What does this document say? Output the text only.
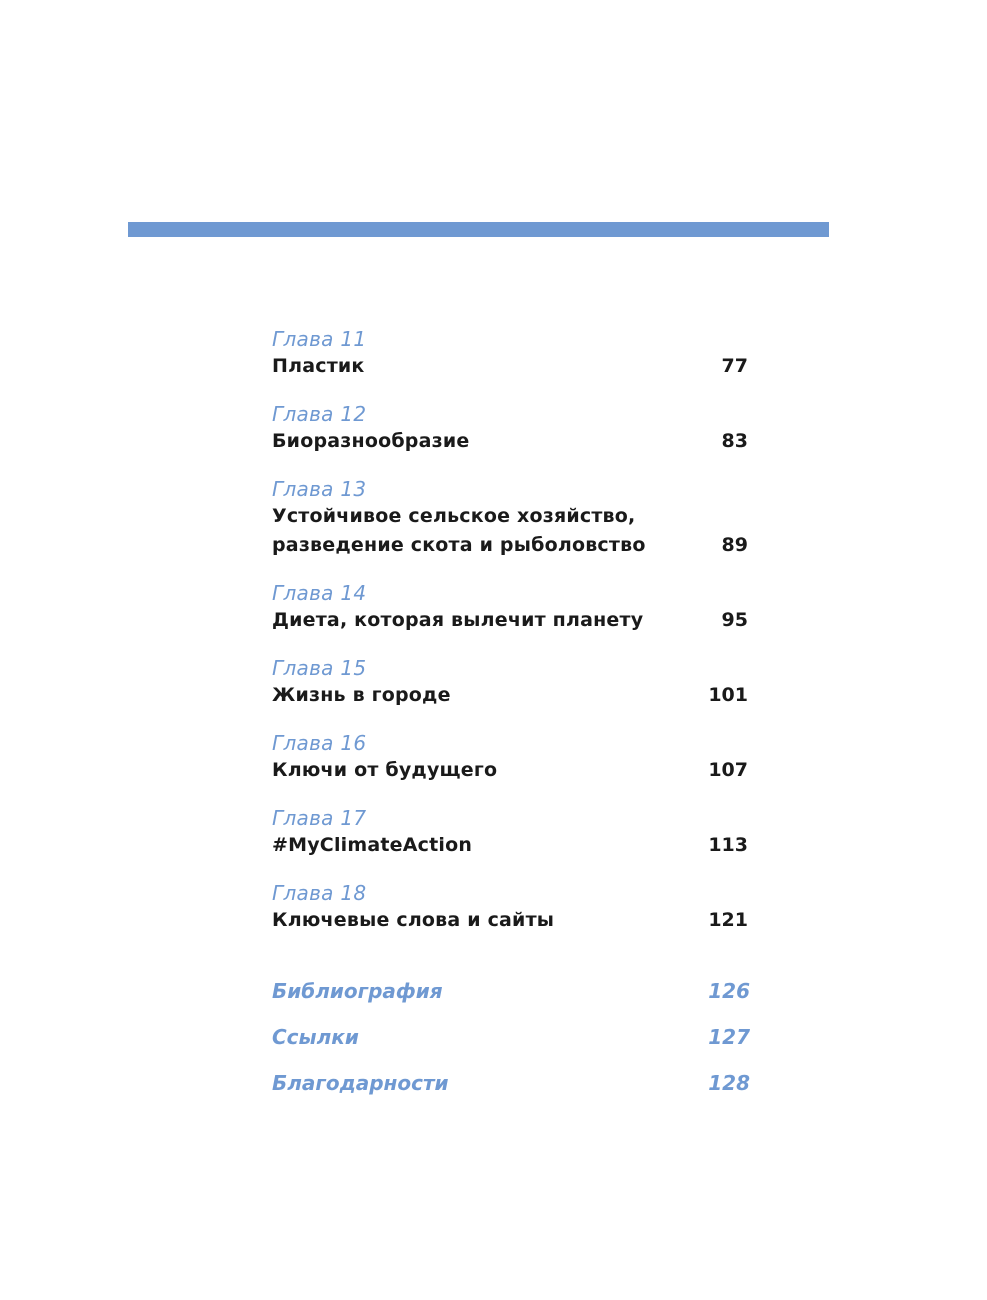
Глава 11
Пластик	77
Глава 12
Биоразнообразие	83
Глава 13
Устойчивое сельское хозяйство,
разведение скота и рыболовство	89
Глава 14
Диета, которая вылечит планету	95
Глава 15
Жизнь в городе	101
Глава 16
Ключи от будущего	107
Глава 17
#MyClimateAction	113
Глава 18
Ключевые слова и сайты	121
Библиография	126
Ссылки	127
Благодарности	128
